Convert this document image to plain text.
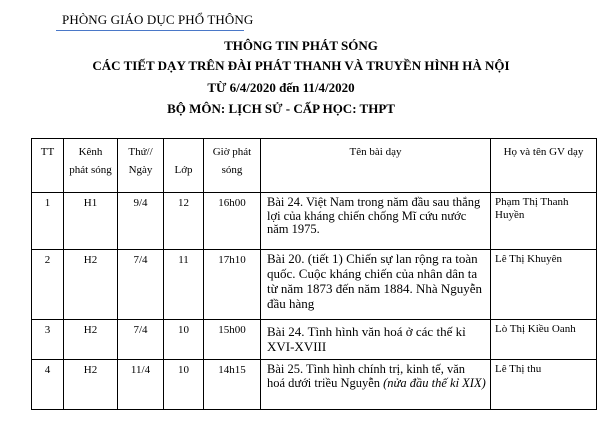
PHÒNG GIÁO DỤC PHỔ THÔNG
THÔNG TIN PHÁT SÓNG
CÁC TIẾT DẠY TRÊN ĐÀI PHÁT THANH VÀ TRUYỀN HÌNH HÀ NỘI
TỪ 6/4/2020 đến 11/4/2020
BỘ MÔN: LỊCH SỬ - CẤP HỌC: THPT
TT	Kênh phát sóng	Thứ// Ngày	Lớp	Giờ phát sóng	Tên bài dạy	Họ và tên GV dạy
1	H1	9/4	12	16h00	Bài 24. Việt Nam trong năm đầu sau thắng lợi của kháng chiến chống Mĩ cứu nước năm 1975.	Phạm Thị Thanh Huyền
2	H2	7/4	11	17h10	Bài 20. (tiết 1) Chiến sự lan rộng ra toàn quốc. Cuộc kháng chiến của nhân dân ta từ năm 1873 đến năm 1884. Nhà Nguyễn đầu hàng	Lê Thị Khuyên
3	H2	7/4	10	15h00	Bài 24. Tình hình văn hoá ở các thế kỉ XVI-XVIII	Lò Thị Kiều Oanh
4	H2	11/4	10	14h15	Bài 25. Tình hình chính trị, kinh tế, văn hoá dưới triều Nguyễn (nửa đầu thế kỉ XIX)	Lê Thị thu
